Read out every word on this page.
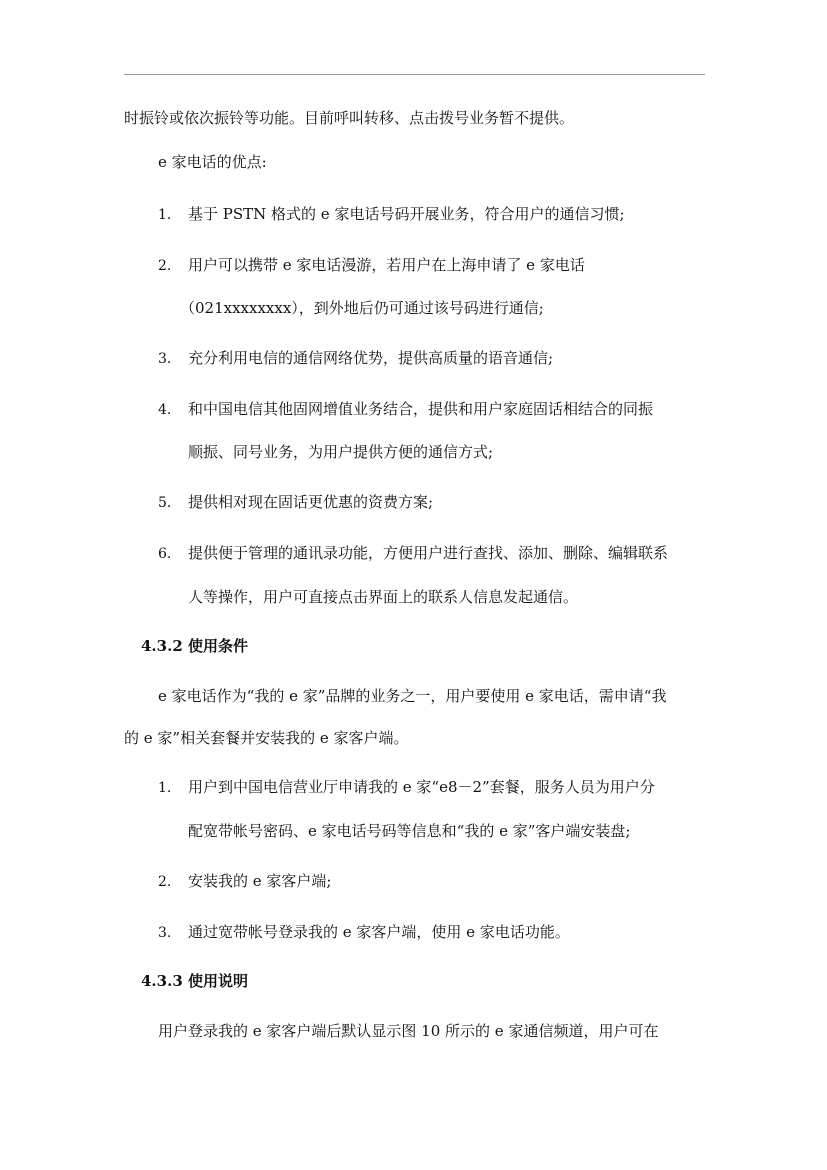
时振铃或依次振铃等功能。目前呼叫转移、点击拨号业务暂不提供。
e 家电话的优点:
1. 基于 PSTN 格式的 e 家电话号码开展业务，符合用户的通信习惯;
2. 用户可以携带 e 家电话漫游，若用户在上海申请了 e 家电话
（021xxxxxxxx），到外地后仍可通过该号码进行通信;
3. 充分利用电信的通信网络优势，提供高质量的语音通信;
4. 和中国电信其他固网增值业务结合，提供和用户家庭固话相结合的同振
顺振、同号业务，为用户提供方便的通信方式;
5. 提供相对现在固话更优惠的资费方案;
6. 提供便于管理的通讯录功能，方便用户进行查找、添加、删除、编辑联系
人等操作，用户可直接点击界面上的联系人信息发起通信。
4.3.2 使用条件
e 家电话作为“我的 e 家”品牌的业务之一，用户要使用 e 家电话，需申请“我
的 e 家”相关套餐并安装我的 e 家客户端。
1. 用户到中国电信营业厅申请我的 e 家“e8－2”套餐，服务人员为用户分
配宽带帐号密码、e 家电话号码等信息和“我的 e 家”客户端安装盘;
2. 安装我的 e 家客户端;
3. 通过宽带帐号登录我的 e 家客户端，使用 e 家电话功能。
4.3.3 使用说明
用户登录我的 e 家客户端后默认显示图 10 所示的 e 家通信频道，用户可在
